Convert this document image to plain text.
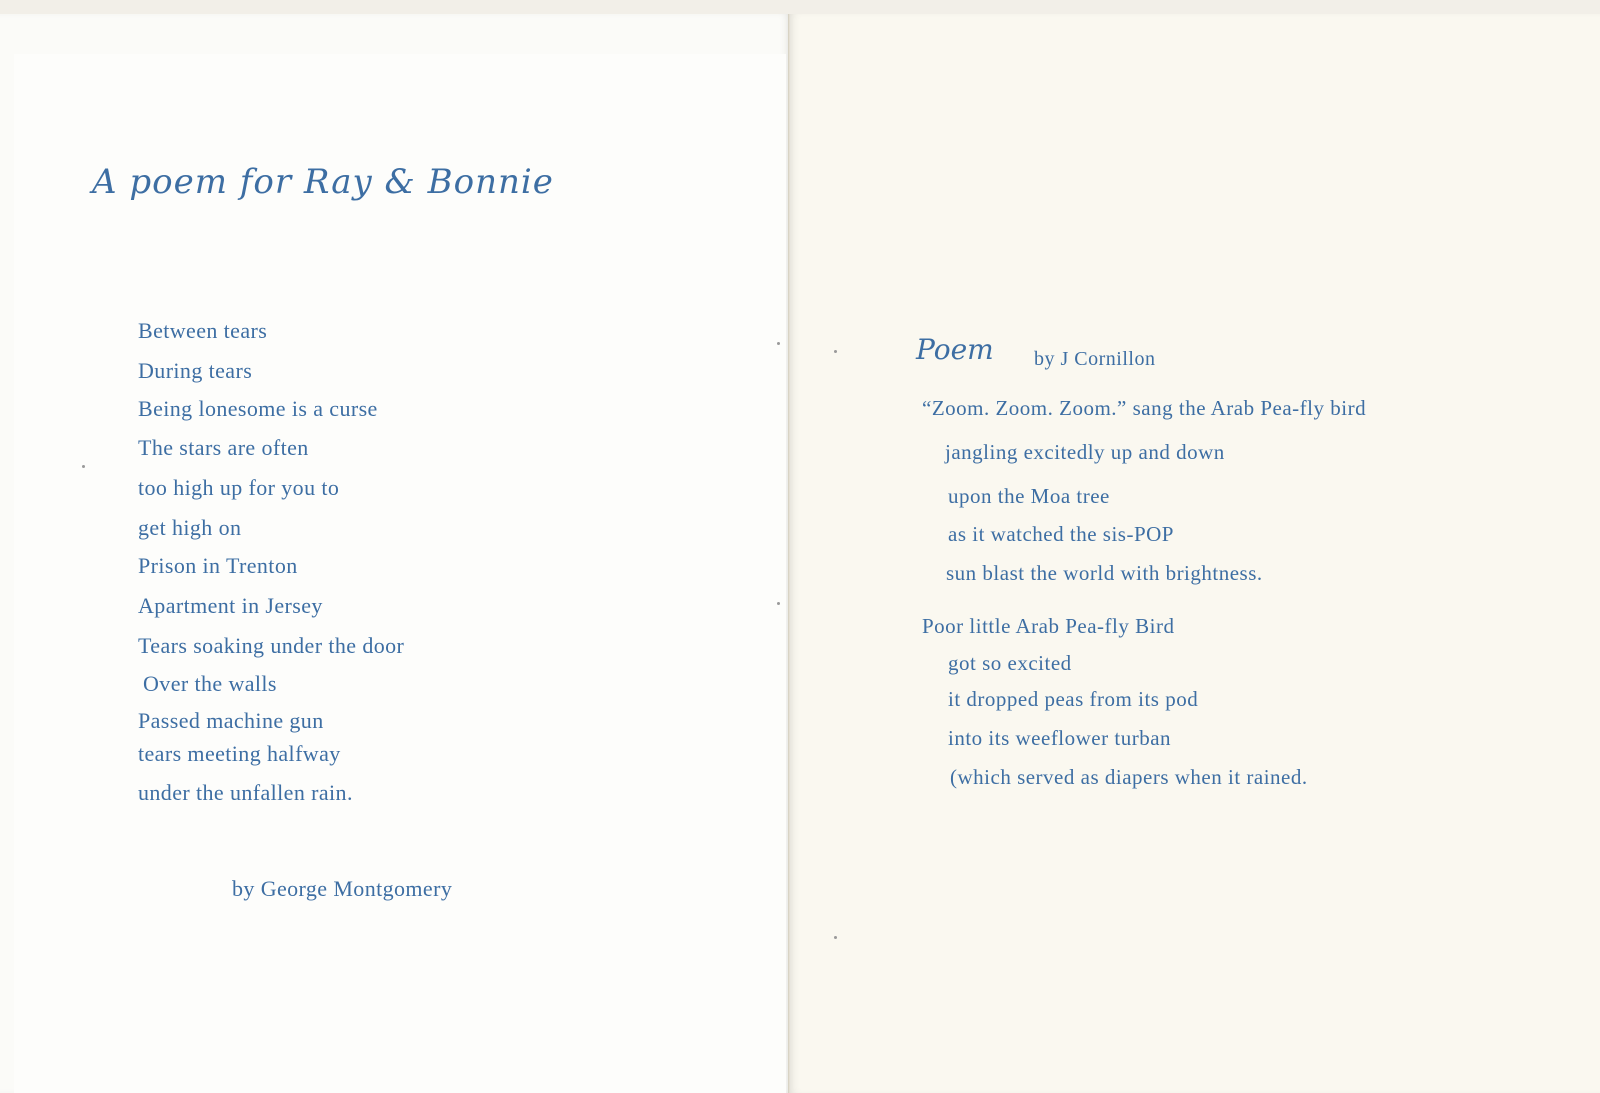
A poem for Ray & Bonnie
Between tears
During tears
Being lonesome is a curse
The stars are often
too high up for you to
get high on
Prison in Trenton
Apartment in Jersey
Tears soaking under the door
Over the walls
Passed machine gun
tears meeting halfway
under the unfallen rain.
by George Montgomery
Poem by J Cornillon
“Zoom. Zoom. Zoom.” sang the Arab Pea-fly bird
jangling excitedly up and down
upon the Moa tree
as it watched the sis-POP
sun blast the world with brightness.
Poor little Arab Pea-fly Bird
got so excited
it dropped peas from its pod
into its weeflower turban
(which served as diapers when it rained.
